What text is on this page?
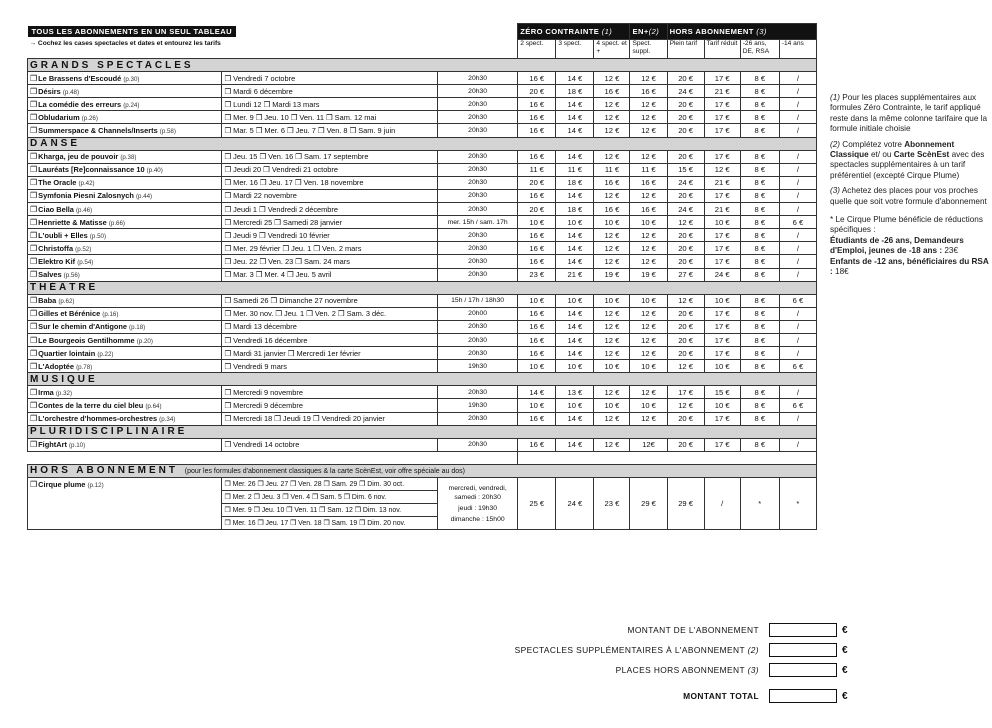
TOUS LES ABONNEMENTS EN UN SEUL TABLEAU			ZÉRO CONTRAINTE (1)			EN+(2)	HORS ABONNEMENT (3)			
→ Cochez les cases spectacles et dates et entourez les tarifs			2 spect.	3 spect.	4 spect. et +	Spect. suppl.	Plein tarif	Tarif réduit	-26 ans, DE, RSA	-14 ans
GRANDS SPECTACLES										
❒Le Brassens d'Escoudé (p.30)	❒ Vendredi 7 octobre	20h30	16 €	14 €	12 €	12 €	20 €	17 €	8 €	/
❒Désirs (p.48)	❒ Mardi 6 décembre	20h30	20 €	18 €	16 €	16 €	24 €	21 €	8 €	/
❒La comédie des erreurs (p.24)	❒ Lundi 12 ❒ Mardi 13 mars	20h30	16 €	14 €	12 €	12 €	20 €	17 €	8 €	/
❒Obludarium (p.26)	❒ Mer. 9 ❒ Jeu. 10 ❒ Ven. 11 ❒ Sam. 12 mai	20h30	16 €	14 €	12 €	12 €	20 €	17 €	8 €	/
❒Summerspace & Channels/Inserts (p.58)	❒ Mar. 5 ❒ Mer. 6 ❒ Jeu. 7 ❒ Ven. 8 ❒ Sam. 9 juin	20h30	16 €	14 €	12 €	12 €	20 €	17 €	8 €	/
DANSE										
❒Kharga, jeu de pouvoir (p.38)	❒ Jeu. 15 ❒ Ven. 16 ❒ Sam. 17 septembre	20h30	16 €	14 €	12 €	12 €	20 €	17 €	8 €	/
❒Lauréats [Re]connaissance 10 (p.40)	❒ Jeudi 20 ❒ Vendredi 21 octobre	20h30	11 €	11 €	11 €	11 €	15 €	12 €	8 €	/
❒The Oracle (p.42)	❒ Mer. 16 ❒ Jeu. 17 ❒ Ven. 18 novembre	20h30	20 €	18 €	16 €	16 €	24 €	21 €	8 €	/
❒Symfonia Piesni Zalosnych (p.44)	❒ Mardi 22 novembre	20h30	16 €	14 €	12 €	12 €	20 €	17 €	8 €	/
❒Ciao Bella (p.46)	❒ Jeudi 1 ❒ Vendredi 2 décembre	20h30	20 €	18 €	16 €	16 €	24 €	21 €	8 €	/
❒Henriette & Matisse (p.66)	❒ Mercredi 25 ❒ Samedi 28 janvier	mer. 15h / sam. 17h	10 €	10 €	10 €	10 €	12 €	10 €	8 €	6 €
❒L'oubli + Elles (p.50)	❒ Jeudi 9 ❒ Vendredi 10 février	20h30	16 €	14 €	12 €	12 €	20 €	17 €	8 €	/
❒Christoffa (p.52)	❒ Mer. 29 février ❒ Jeu. 1 ❒ Ven. 2 mars	20h30	16 €	14 €	12 €	12 €	20 €	17 €	8 €	/
❒Elektro Kif (p.54)	❒ Jeu. 22 ❒ Ven. 23 ❒ Sam. 24 mars	20h30	16 €	14 €	12 €	12 €	20 €	17 €	8 €	/
❒Salves (p.56)	❒ Mar. 3 ❒ Mer. 4 ❒ Jeu. 5 avril	20h30	23 €	21 €	19 €	19 €	27 €	24 €	8 €	/
THÉÂTRE										
❒Baba (p.62)	❒ Samedi 26 ❒ Dimanche 27 novembre	15h / 17h / 18h30	10 €	10 €	10 €	10 €	12 €	10 €	8 €	6 €
❒Gilles et Bérénice (p.16)	❒ Mer. 30 nov. ❒ Jeu. 1 ❒ Ven. 2 ❒ Sam. 3 déc.	20h00	16 €	14 €	12 €	12 €	20 €	17 €	8 €	/
❒Sur le chemin d'Antigone (p.18)	❒ Mardi 13 décembre	20h30	16 €	14 €	12 €	12 €	20 €	17 €	8 €	/
❒Le Bourgeois Gentilhomme (p.20)	❒ Vendredi 16 décembre	20h30	16 €	14 €	12 €	12 €	20 €	17 €	8 €	/
❒Quartier lointain (p.22)	❒ Mardi 31 janvier ❒ Mercredi 1er février	20h30	16 €	14 €	12 €	12 €	20 €	17 €	8 €	/
❒L'Adoptée (p.78)	❒ Vendredi 9 mars	19h30	10 €	10 €	10 €	10 €	12 €	10 €	8 €	6 €
MUSIQUE										
❒Irma (p.32)	❒ Mercredi 9 novembre	20h30	14 €	13 €	12 €	12 €	17 €	15 €	8 €	/
❒Contes de la terre du ciel bleu (p.64)	❒ Mercredi 9 décembre	19h30	10 €	10 €	10 €	10 €	12 €	10 €	8 €	6 €
❒L'orchestre d'hommes-orchestres (p.34)	❒ Mercredi 18 ❒ Jeudi 19 ❒ Vendredi 20 janvier	20h30	16 €	14 €	12 €	12 €	20 €	17 €	8 €	/
PLURIDISCIPLINAIRE										
❒FightArt (p.10)	❒ Vendredi 14 octobre	20h30	16 €	14 €	12 €	12€	20 €	17 €	8 €	/

HORS ABONNEMENT (pour les formules d'abonnement classiques & la carte ScènEst, voir offre spéciale au dos)										
❒Cirque plume (p.12)	❒ Mer. 26 ❒ Jeu. 27 ❒ Ven. 28 ❒ Sam. 29 ❒ Dim. 30 oct.	mercredi, vendredi,
samedi : 20h30
jeudi : 19h30
dimanche : 15h00	25 €	24 €	23 €	29 €	29 €	/	*	*
	❒ Mer. 2 ❒ Jeu. 3 ❒ Ven. 4 ❒ Sam. 5 ❒ Dim. 6 nov.									
	❒ Mer. 9 ❒ Jeu. 10 ❒ Ven. 11 ❒ Sam. 12 ❒ Dim. 13 nov.									
	❒ Mer. 16 ❒ Jeu. 17 ❒ Ven. 18 ❒ Sam. 19 ❒ Dim. 20 nov.									

(1) Pour les places supplémentaires aux formules Zéro Contrainte, le tarif appliqué reste dans la même colonne tarifaire que la formule initiale choisie

(2) Complétez votre Abonnement Classique et/ ou Carte ScènEst avec des spectacles supplémentaires à un tarif préférentiel (excepté Cirque Plume)

(3) Achetez des places pour vos proches quelle que soit votre formule d'abonnement

* Le Cirque Plume bénéficie de réductions spécifiques :

Étudiants de -26 ans, Demandeurs d'Emploi, jeunes de -18 ans : 23€

Enfants de -12 ans, bénéficiaires du RSA : 18€

MONTANT DE L'ABONNEMENT	€
SPECTACLES SUPPLÉMENTAIRES À L'ABONNEMENT (2)	€
PLACES HORS ABONNEMENT (3)	€
MONTANT TOTAL	€
